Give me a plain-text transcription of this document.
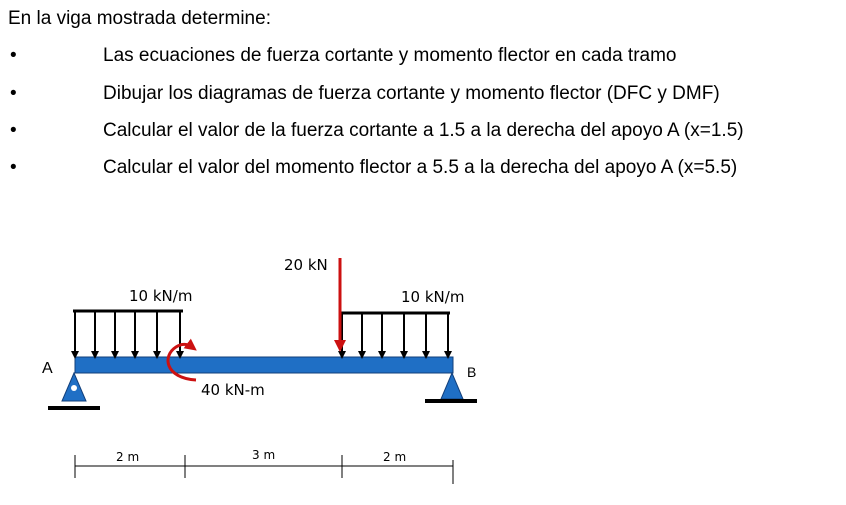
En la viga mostrada determine:
•	Las ecuaciones de fuerza cortante y momento flector en cada tramo
•	Dibujar los diagramas de fuerza cortante y momento flector (DFC y DMF)
•	Calcular el valor de la fuerza cortante a 1.5 a la derecha del apoyo A (x=1.5)
•	Calcular el valor del momento flector a 5.5 a la derecha del apoyo A (x=5.5)
A	B
10 kN/m	10 kN/m
20 kN
40 kN-m
2 m	3 m	2 m
